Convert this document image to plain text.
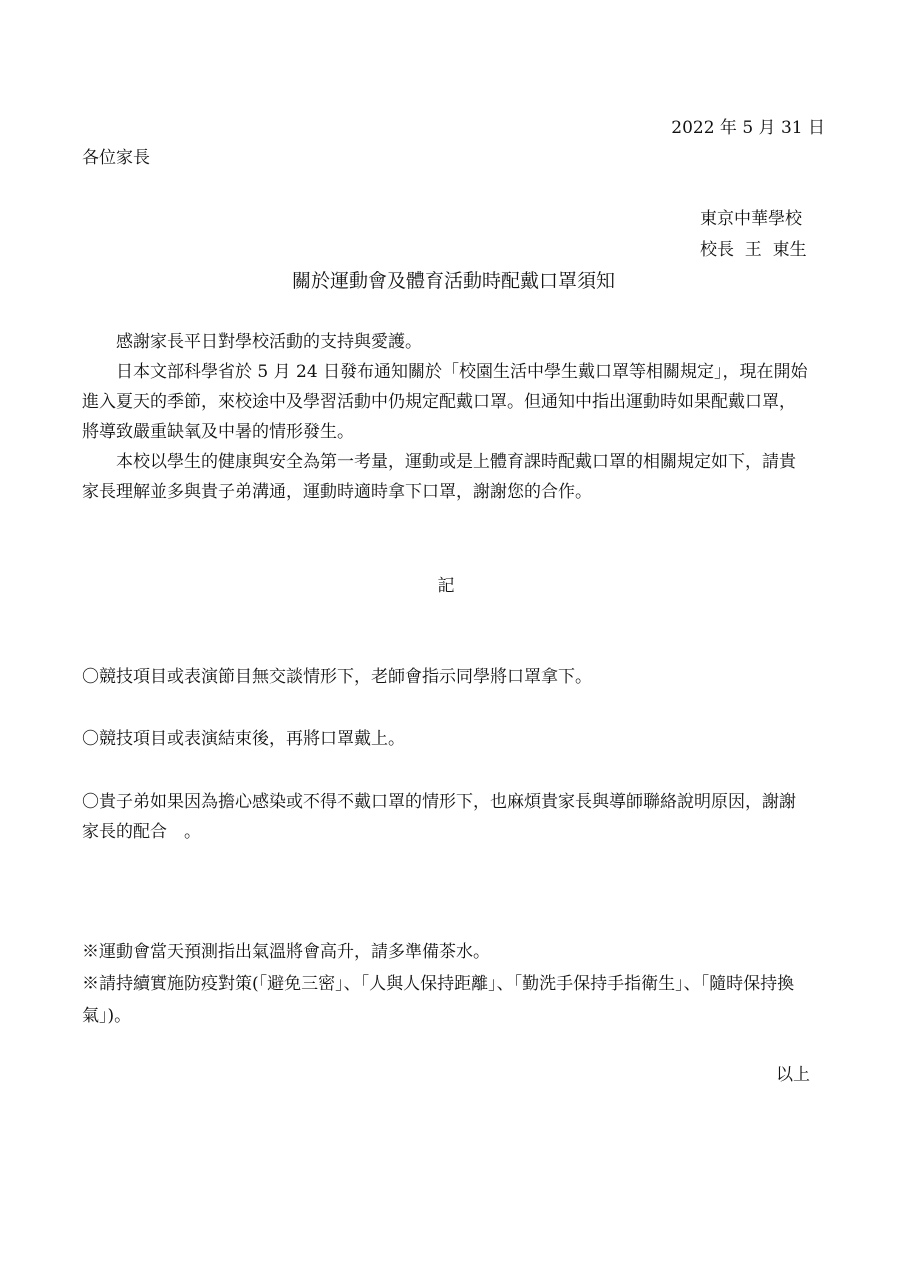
2022 年 5 月 31 日
各位家長
東京中華學校
校長  王  東生
關於運動會及體育活動時配戴口罩須知

感謝家長平日對學校活動的支持與愛護。

日本文部科學省於 5 月 24 日發布通知關於「校園生活中學生戴口罩等相關規定」，現在開始進入夏天的季節，來校途中及學習活動中仍規定配戴口罩。但通知中指出運動時如果配戴口罩，將導致嚴重缺氧及中暑的情形發生。

本校以學生的健康與安全為第一考量，運動或是上體育課時配戴口罩的相關規定如下，請貴家長理解並多與貴子弟溝通，運動時適時拿下口罩，謝謝您的合作。

記
〇競技項目或表演節目無交談情形下，老師會指示同學將口罩拿下。
〇競技項目或表演結束後，再將口罩戴上。
〇貴子弟如果因為擔心感染或不得不戴口罩的情形下，也麻煩貴家長與導師聯絡說明原因，謝謝家長的配合　。

※運動會當天預測指出氣溫將會高升，請多準備茶水。

※請持續實施防疫對策(「避免三密」、「人與人保持距離」、「勤洗手保持手指衛生」、「隨時保持換氣」)。

以上
